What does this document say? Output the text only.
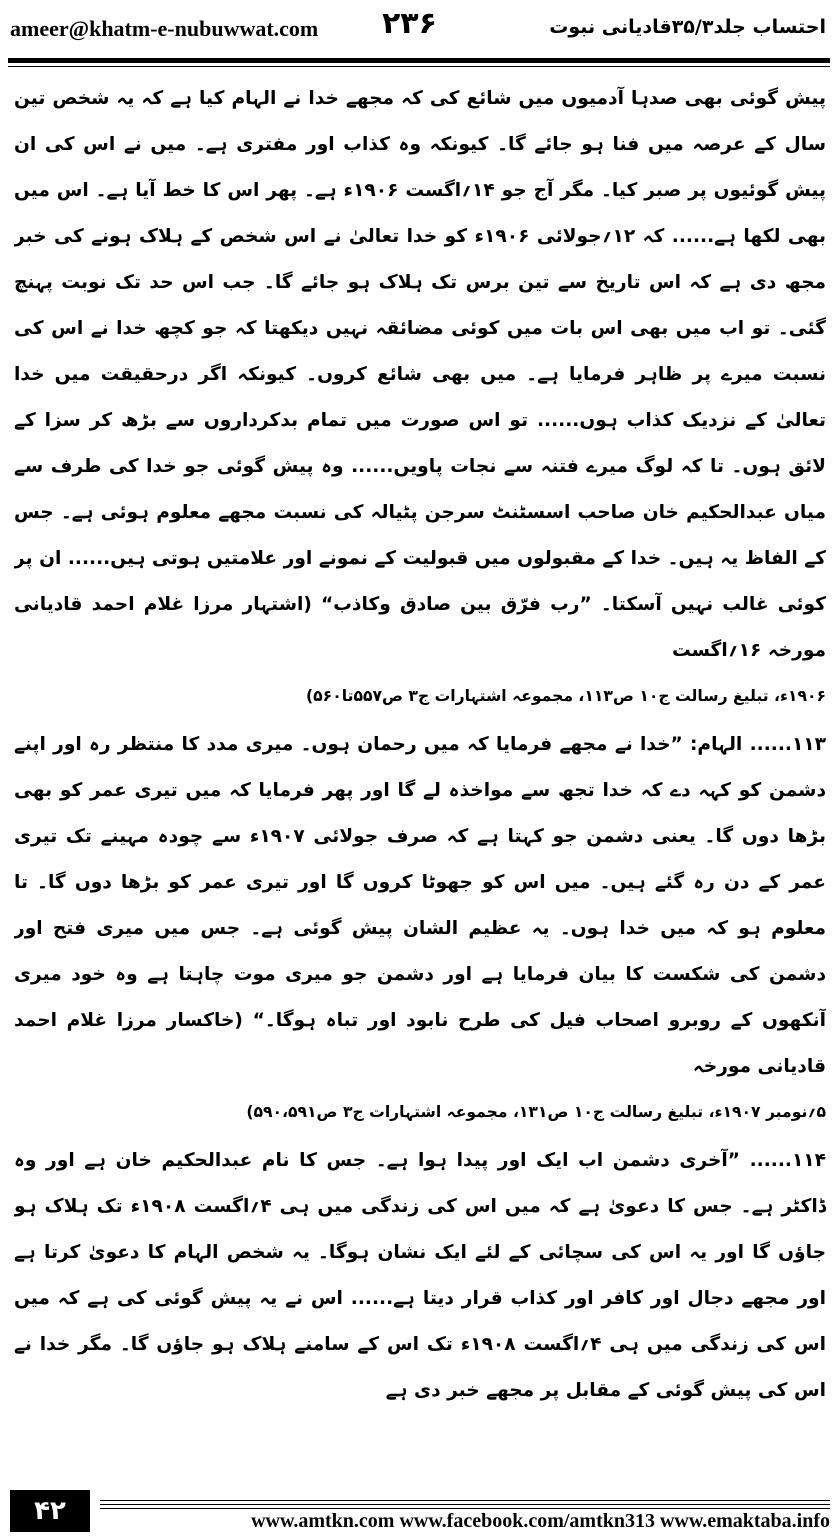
ameer@khatm-e-nubuwwat.com ۲۳۶	احتساب جلد۳۵/۳قادیانی نبوت

پیش گوئی بھی صدہا آدمیوں میں شائع کی کہ مجھے خدا نے الہام کیا ہے کہ یہ شخص تین سال کے عرصہ میں فنا ہو جائے گا۔ کیونکہ وہ کذاب اور مفتری ہے۔ میں نے اس کی ان پیش گوئیوں پر صبر کیا۔ مگر آج جو ۱۴؍اگست ۱۹۰۶ء ہے۔ پھر اس کا خط آیا ہے۔ اس میں بھی لکھا ہے...... کہ ۱۲؍جولائی ۱۹۰۶ء کو خدا تعالیٰ نے اس شخص کے ہلاک ہونے کی خبر مجھ دی ہے کہ اس تاریخ سے تین برس تک ہلاک ہو جائے گا۔ جب اس حد تک نوبت پہنچ گئی۔ تو اب میں بھی اس بات میں کوئی مضائقہ نہیں دیکھتا کہ جو کچھ خدا نے اس کی نسبت میرے پر ظاہر فرمایا ہے۔ میں بھی شائع کروں۔ کیونکہ اگر درحقیقت میں خدا تعالیٰ کے نزدیک کذاب ہوں...... تو اس صورت میں تمام بدکرداروں سے بڑھ کر سزا کے لائق ہوں۔ تا کہ لوگ میرے فتنہ سے نجات پاویں...... وہ پیش گوئی جو خدا کی طرف سے میاں عبدالحکیم خان صاحب اسسٹنٹ سرجن پٹیالہ کی نسبت مجھے معلوم ہوئی ہے۔ جس کے الفاظ یہ ہیں۔ خدا کے مقبولوں میں قبولیت کے نمونے اور علامتیں ہوتی ہیں...... ان پر کوئی غالب نہیں آسکتا۔ ”رب فرّق بین صادق وکاذب“ (اشتہار مرزا غلام احمد قادیانی مورخہ ۱۶؍اگست

۱۹۰۶ء، تبلیغ رسالت ج۱۰ ص۱۱۳، مجموعہ اشتہارات ج۳ ص۵۵۷تا۵۶۰)

۱۱۳...... الہام: ”خدا نے مجھے فرمایا کہ میں رحمان ہوں۔ میری مدد کا منتظر رہ اور اپنے دشمن کو کہہ دے کہ خدا تجھ سے مواخذہ لے گا اور پھر فرمایا کہ میں تیری عمر کو بھی بڑھا دوں گا۔ یعنی دشمن جو کہتا ہے کہ صرف جولائی ۱۹۰۷ء سے چودہ مہینے تک تیری عمر کے دن رہ گئے ہیں۔ میں اس کو جھوٹا کروں گا اور تیری عمر کو بڑھا دوں گا۔ تا معلوم ہو کہ میں خدا ہوں۔ یہ عظیم الشان پیش گوئی ہے۔ جس میں میری فتح اور دشمن کی شکست کا بیان فرمایا ہے اور دشمن جو میری موت چاہتا ہے وہ خود میری آنکھوں کے روبرو اصحاب فیل کی طرح نابود اور تباہ ہوگا۔“ (خاکسار مرزا غلام احمد قادیانی مورخہ

۵؍نومبر ۱۹۰۷ء، تبلیغ رسالت ج۱۰ ص۱۳۱، مجموعہ اشتہارات ج۳ ص۵۹۰،۵۹۱)

۱۱۴...... ”آخری دشمن اب ایک اور پیدا ہوا ہے۔ جس کا نام عبدالحکیم خان ہے اور وہ ڈاکٹر ہے۔ جس کا دعویٰ ہے کہ میں اس کی زندگی میں ہی ۴؍اگست ۱۹۰۸ء تک ہلاک ہو جاؤں گا اور یہ اس کی سچائی کے لئے ایک نشان ہوگا۔ یہ شخص الہام کا دعویٰ کرتا ہے اور مجھے دجال اور کافر اور کذاب قرار دیتا ہے...... اس نے یہ پیش گوئی کی ہے کہ میں اس کی زندگی میں ہی ۴؍اگست ۱۹۰۸ء تک اس کے سامنے ہلاک ہو جاؤں گا۔ مگر خدا نے اس کی پیش گوئی کے مقابل پر مجھے خبر دی ہے

۴۲	www.amtkn.com www.facebook.com/amtkn313 www.emaktaba.info
